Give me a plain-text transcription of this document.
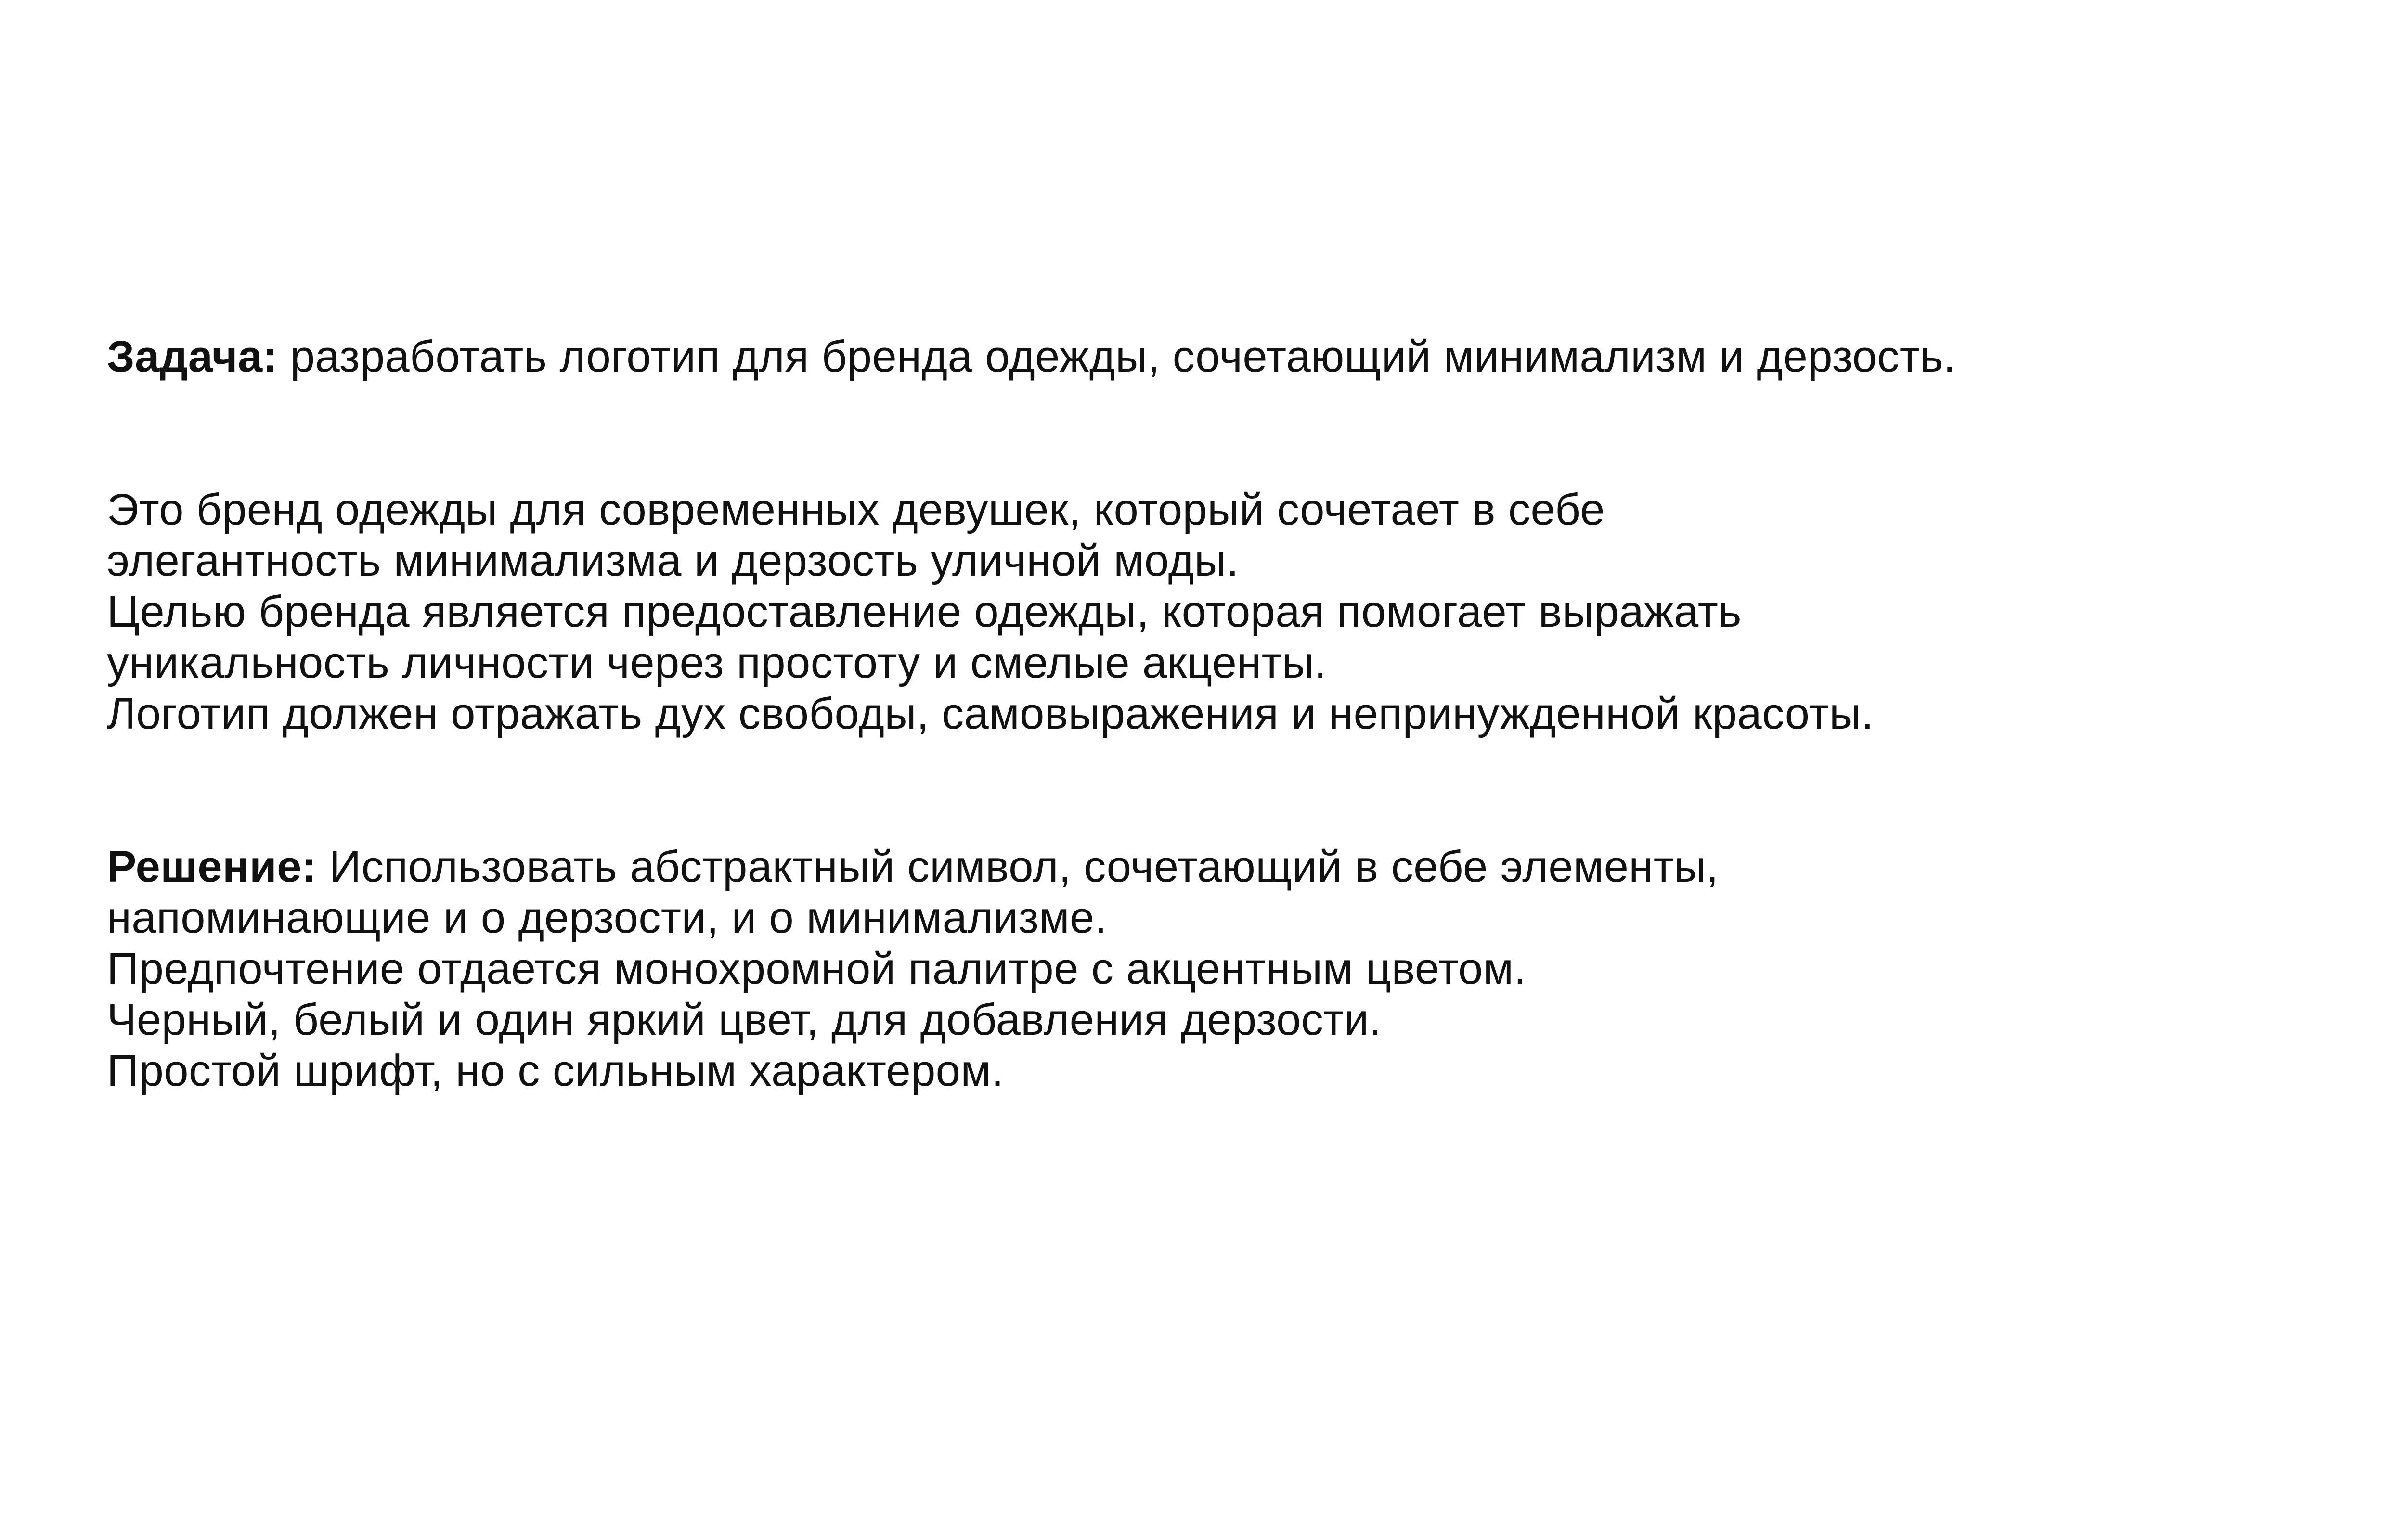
Задача: разработать логотип для бренда одежды, сочетающий минимализм и дерзость.

Это бренд одежды для современных девушек, который сочетает в себе
элегантность минимализма и дерзость уличной моды.
Целью бренда является предоставление одежды, которая помогает выражать
уникальность личности через простоту и смелые акценты.
Логотип должен отражать дух свободы, самовыражения и непринужденной красоты.

Решение: Использовать абстрактный символ, сочетающий в себе элементы,
напоминающие и о дерзости, и о минимализме.
Предпочтение отдается монохромной палитре с акцентным цветом.
Черный, белый и один яркий цвет, для добавления дерзости.
Простой шрифт, но с сильным характером.
